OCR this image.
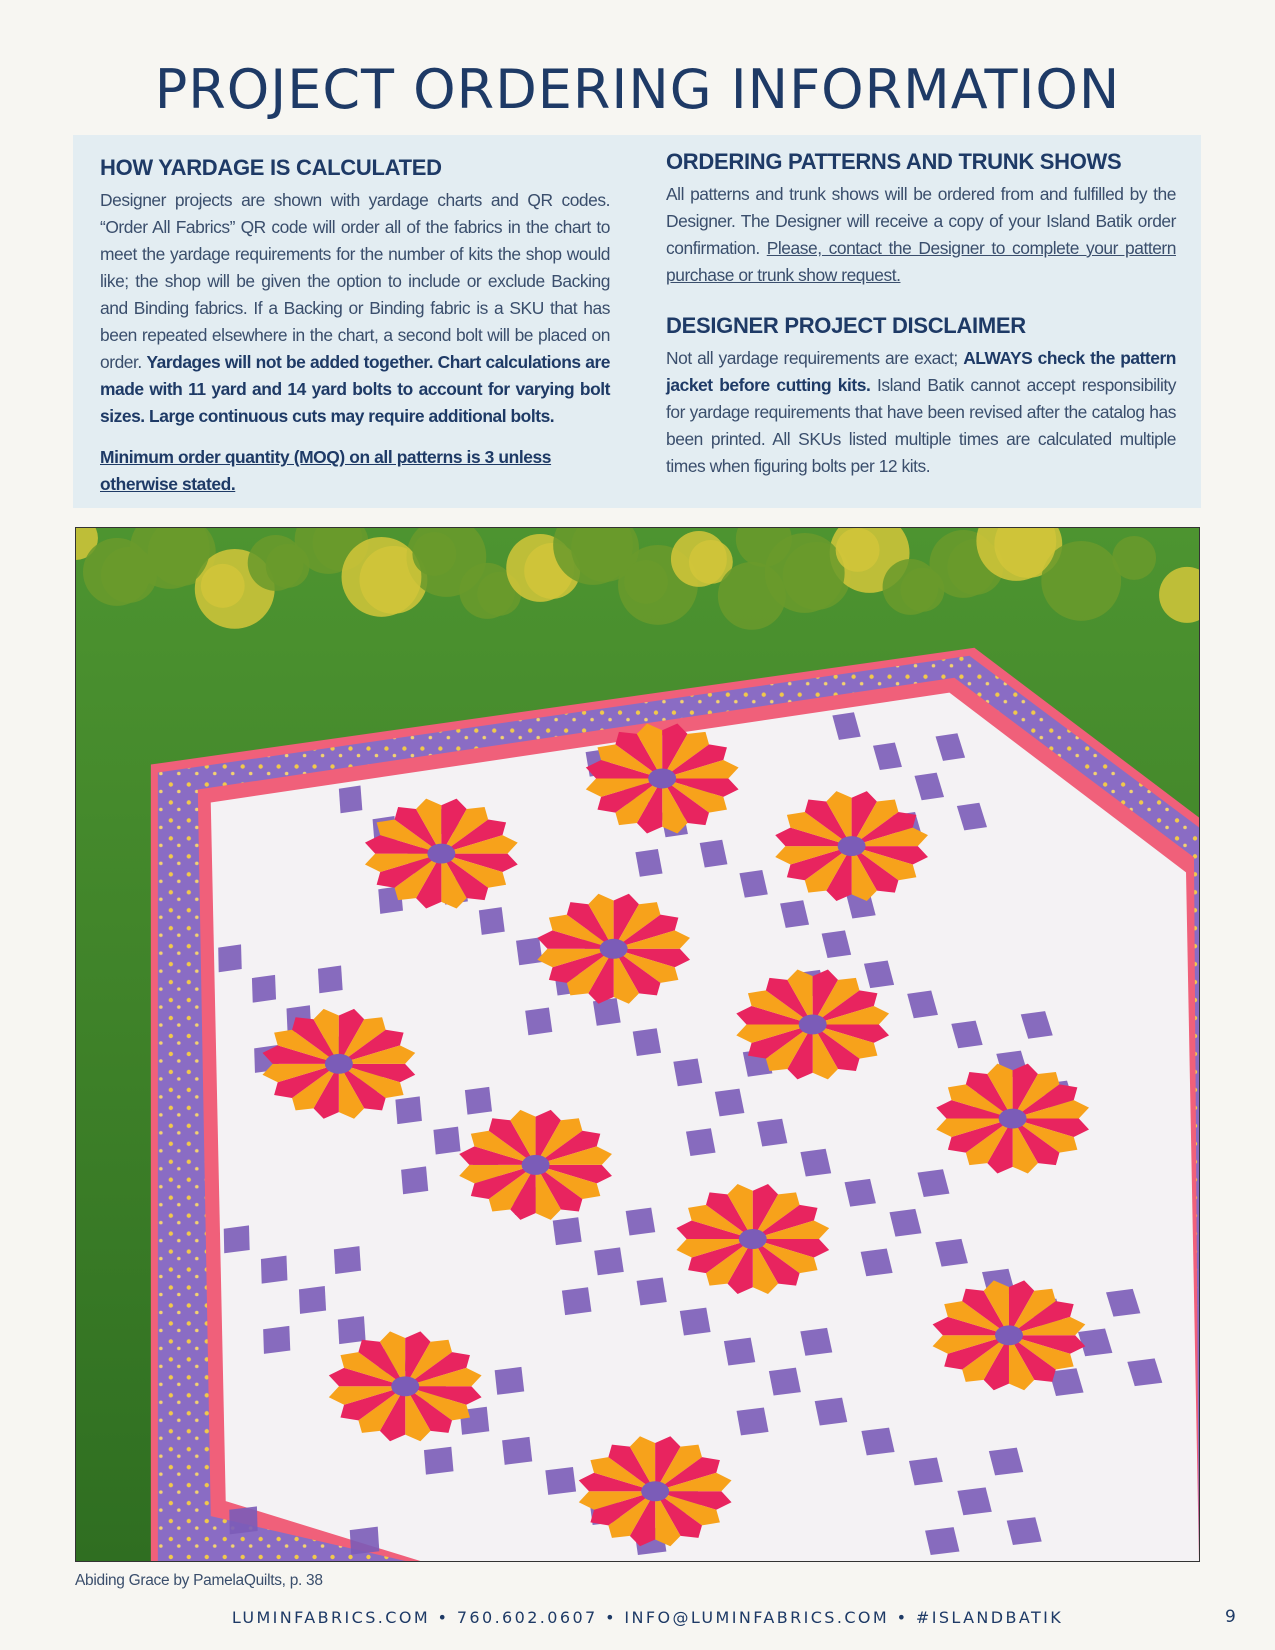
PROJECT ORDERING INFORMATION
HOW YARDAGE IS CALCULATED

Designer projects are shown with yardage charts and QR codes. “Order All Fabrics” QR code will order all of the fabrics in the chart to meet the yardage requirements for the number of kits the shop would like; the shop will be given the option to include or exclude Backing and Binding fabrics. If a Backing or Binding fabric is a SKU that has been repeated elsewhere in the chart, a second bolt will be placed on order. Yardages will not be added together. Chart calculations are made with 11 yard and 14 yard bolts to account for varying bolt sizes. Large continuous cuts may require additional bolts.

Minimum order quantity (MOQ) on all patterns is 3 unless otherwise stated.

ORDERING PATTERNS AND TRUNK SHOWS

All patterns and trunk shows will be ordered from and fulfilled by the Designer. The Designer will receive a copy of your Island Batik order confirmation. Please, contact the Designer to complete your pattern purchase or trunk show request.

DESIGNER PROJECT DISCLAIMER

Not all yardage requirements are exact; ALWAYS check the pattern jacket before cutting kits. Island Batik cannot accept responsibility for yardage requirements that have been revised after the catalog has been printed. All SKUs listed multiple times are calculated multiple times when figuring bolts per 12 kits.

Abiding Grace by PamelaQuilts, p. 38
LUMINFABRICS.COM • 760.602.0607 • INFO@LUMINFABRICS.COM • #ISLANDBATIK	9
